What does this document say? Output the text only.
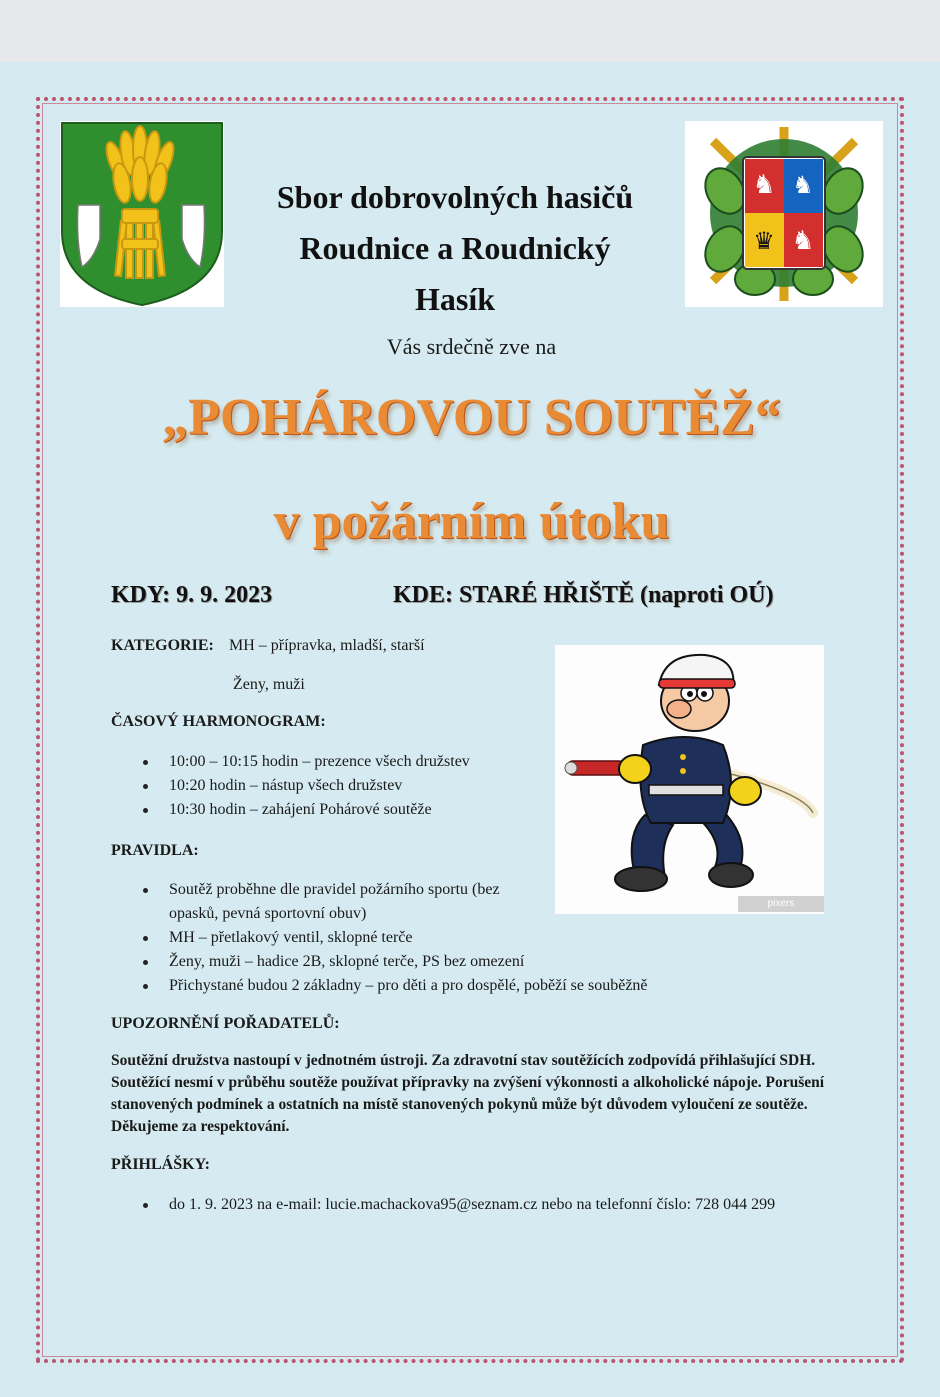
♞ ♞
♛ ♞
Sbor dobrovolných hasičů
Roudnice a Roudnický
Hasík
Vás srdečně zve na
„POHÁROVOU SOUTĚŽ“
v požárním útoku
KDY: 9. 9. 2023	KDE: STARÉ HŘIŠTĚ (naproti OÚ)
KATEGORIE: MH – přípravka, mladší, starší
Ženy, muži
ČASOVÝ HARMONOGRAM:
10:00 – 10:15 hodin – prezence všech družstev
10:20 hodin – nástup všech družstev
10:30 hodin – zahájení Pohárové soutěže
PRAVIDLA:
Soutěž proběhne dle pravidel požárního sportu (bez opasků, pevná sportovní obuv)
MH – přetlakový ventil, sklopné terče
Ženy, muži – hadice 2B, sklopné terče, PS bez omezení
Přichystané budou 2 základny – pro děti a pro dospělé, poběží se souběžně
UPOZORNĚNÍ POŘADATELŮ:
Soutěžní družstva nastoupí v jednotném ústroji. Za zdravotní stav soutěžících zodpovídá přihlašující SDH. Soutěžící nesmí v průběhu soutěže používat přípravky na zvýšení výkonnosti a alkoholické nápoje. Porušení stanovených podmínek a ostatních na místě stanovených pokynů může být důvodem vyloučení ze soutěže. Děkujeme za respektování.
PŘIHLÁŠKY:
do 1. 9. 2023 na e-mail: lucie.machackova95@seznam.cz nebo na telefonní číslo: 728 044 299
pixers
